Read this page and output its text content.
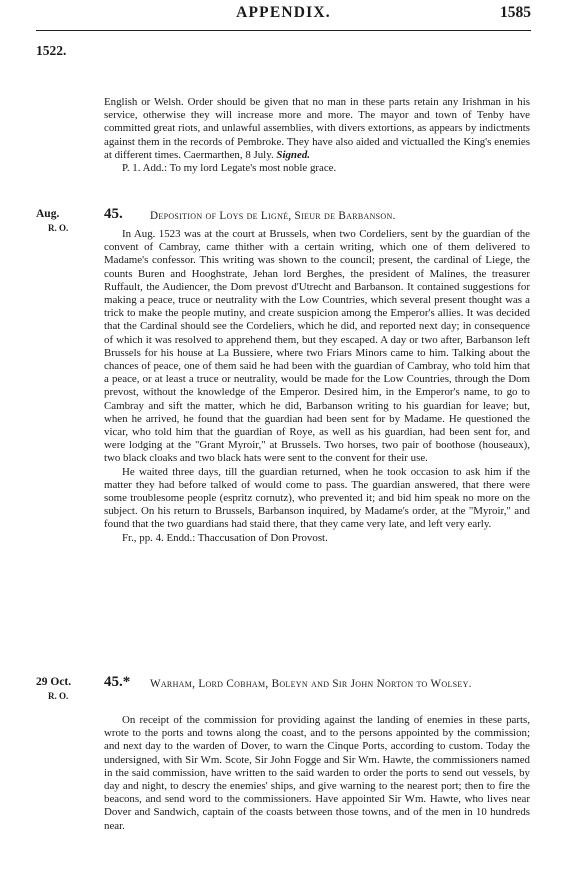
APPENDIX.	1585
1522.

English or Welsh. Order should be given that no man in these parts retain any Irishman in his service, otherwise they will increase more and more. The mayor and town of Tenby have committed great riots, and unlawful assemblies, with divers extortions, as appears by indictments against them in the records of Pembroke. They have also aided and victualled the King's enemies at different times. Caermarthen, 8 July. Signed.

P. 1. Add.: To my lord Legate's most noble grace.

Aug.
R. O.
45. Deposition of Loys de Ligné, Sieur de Barbanson.

In Aug. 1523 was at the court at Brussels, when two Cordeliers, sent by the guardian of the convent of Cambray, came thither with a certain writing, which one of them delivered to Madame's confessor. This writing was shown to the council; present, the cardinal of Liege, the counts Buren and Hooghstrate, Jehan lord Berghes, the president of Malines, the treasurer Ruffault, the Audiencer, the Dom prevost d'Utrecht and Barbanson. It contained suggestions for making a peace, truce or neutrality with the Low Countries, which several present thought was a trick to make the people mutiny, and create suspicion among the Emperor's allies. It was decided that the Cardinal should see the Cordeliers, which he did, and reported next day; in consequence of which it was resolved to apprehend them, but they escaped. A day or two after, Barbanson left Brussels for his house at La Bussiere, where two Friars Minors came to him. Talking about the chances of peace, one of them said he had been with the guardian of Cambray, who told him that a peace, or at least a truce or neutrality, would be made for the Low Countries, through the Dom prevost, without the knowledge of the Emperor. Desired him, in the Emperor's name, to go to Cambray and sift the matter, which he did, Barbanson writing to his guardian for leave; but, when he arrived, he found that the guardian had been sent for by Madame. He questioned the vicar, who told him that the guardian of Roye, as well as his guardian, had been sent for, and were lodging at the "Grant Myroir," at Brussels. Two horses, two pair of boothose (houseaux), two black cloaks and two black hats were sent to the convent for their use.

He waited three days, till the guardian returned, when he took occasion to ask him if the matter they had before talked of would come to pass. The guardian answered, that there were some troublesome people (espritz cornutz), who prevented it; and bid him speak no more on the subject. On his return to Brussels, Barbanson inquired, by Madame's order, at the "Myroir," and found that the two guardians had staid there, that they came very late, and left very early.

Fr., pp. 4. Endd.: Thaccusation of Don Provost.

29 Oct.
R. O.
45.* Warham, Lord Cobham, Boleyn and Sir John Norton to Wolsey.

On receipt of the commission for providing against the landing of enemies in these parts, wrote to the ports and towns along the coast, and to the persons appointed by the commission; and next day to the warden of Dover, to warn the Cinque Ports, according to custom. Today the undersigned, with Sir Wm. Scote, Sir John Fogge and Sir Wm. Hawte, the commissioners named in the said commission, have written to the said warden to order the ports to send out vessels, by day and night, to descry the enemies' ships, and give warning to the nearest port; then to fire the beacons, and send word to the commissioners. Have appointed Sir Wm. Hawte, who lives near Dover and Sandwich, captain of the coasts between those towns, and of the men in 10 hundreds near.
